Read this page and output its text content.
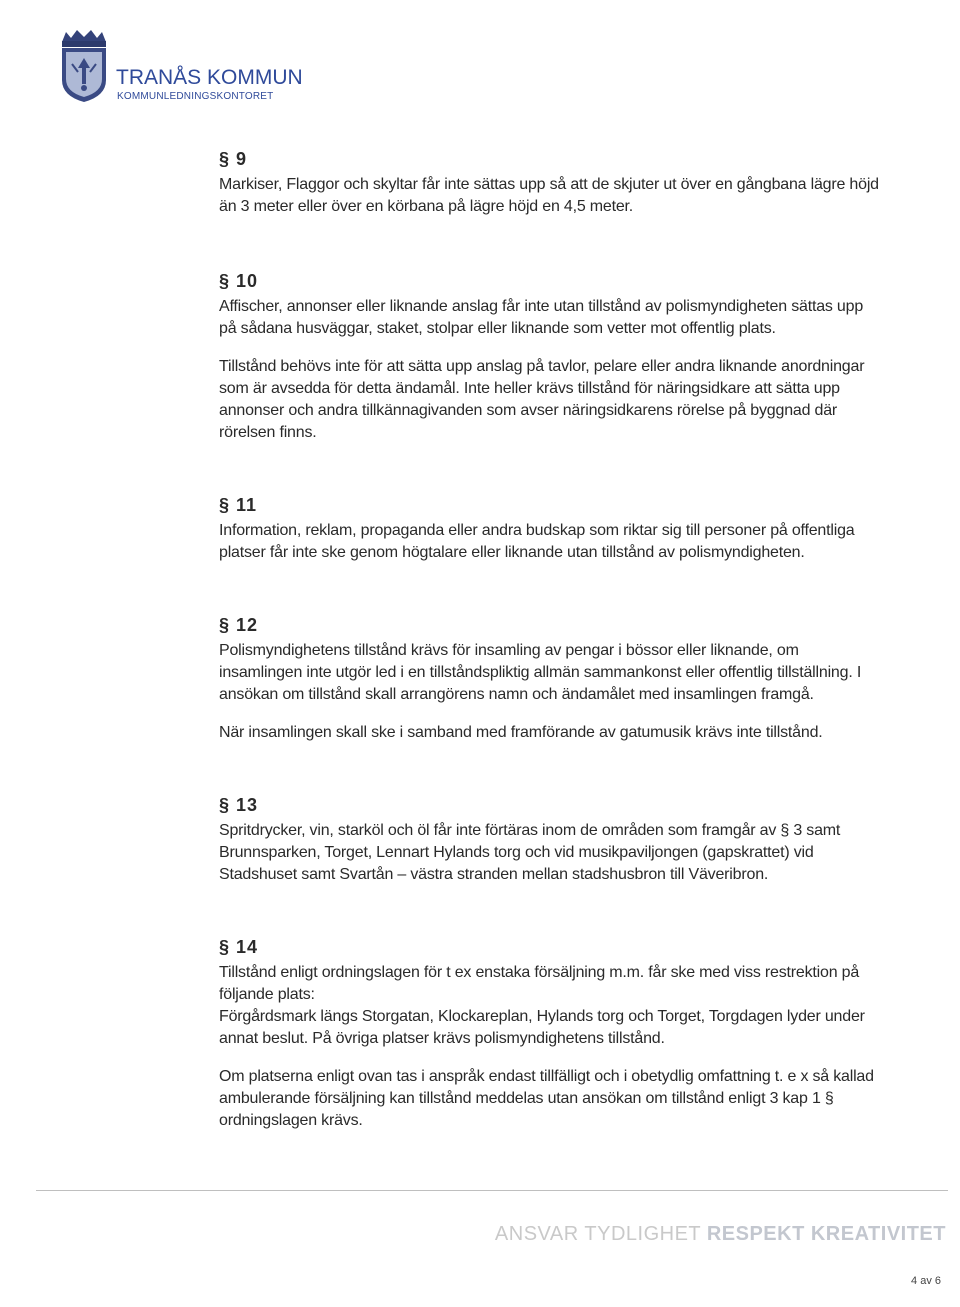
TRANÅS KOMMUN
KOMMUNLEDNINGSKONTORET
§ 9

Markiser, Flaggor och skyltar får inte sättas upp så att de skjuter ut över en gångbana lägre höjd än 3 meter eller över en körbana på lägre höjd en 4,5 meter.

§ 10

Affischer, annonser eller liknande anslag får inte utan tillstånd av polismyndigheten sättas upp på sådana husväggar, staket, stolpar eller liknande som vetter mot offentlig plats.

Tillstånd behövs inte för att sätta upp anslag på tavlor, pelare eller andra liknande anordningar som är avsedda för detta ändamål. Inte heller krävs tillstånd för näringsidkare att sätta upp annonser och andra tillkännagivanden som avser näringsidkarens rörelse på byggnad där rörelsen finns.

§ 11

Information, reklam, propaganda eller andra budskap som riktar sig till personer på offentliga platser får inte ske genom högtalare eller liknande utan tillstånd av polismyndigheten.

§ 12

Polismyndighetens tillstånd krävs för insamling av pengar i bössor eller liknande, om insamlingen inte utgör led i en tillståndspliktig allmän sammankonst eller offentlig tillställning. I ansökan om tillstånd skall arrangörens namn och ändamålet med insamlingen framgå.

När insamlingen skall ske i samband med framförande av gatumusik krävs inte tillstånd.

§ 13

Spritdrycker, vin, starköl och öl får inte förtäras inom de områden som framgår av § 3 samt Brunnsparken, Torget, Lennart Hylands torg och vid musikpaviljongen (gapskrattet) vid Stadshuset samt Svartån – västra stranden mellan stadshusbron till Väveribron.

§ 14

Tillstånd enligt ordningslagen för t ex enstaka försäljning m.m. får ske med viss restrektion på följande plats:
Förgårdsmark längs Storgatan, Klockareplan, Hylands torg och Torget, Torgdagen lyder under annat beslut. På övriga platser krävs polismyndighetens tillstånd.

Om platserna enligt ovan tas i anspråk endast tillfälligt och i obetydlig omfattning t. e x så kallad ambulerande försäljning kan tillstånd meddelas utan ansökan om tillstånd enligt 3 kap 1 § ordningslagen krävs.

ANSVAR TYDLIGHET RESPEKT KREATIVITET
4 av 6
